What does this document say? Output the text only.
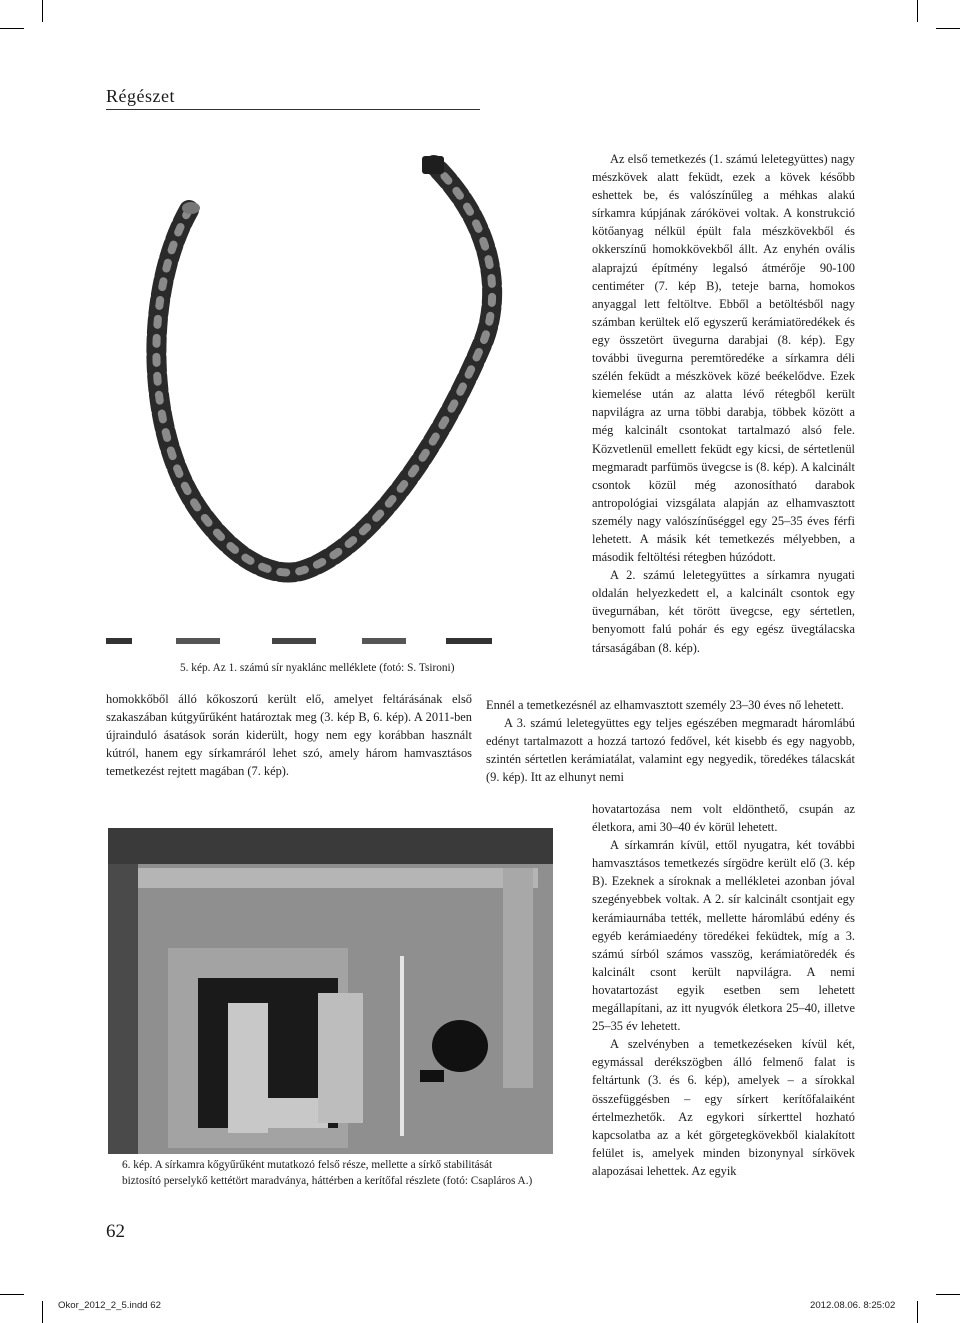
Régészet
5. kép. Az 1. számú sír nyaklánc melléklete (fotó: S. Tsironi)

homokkőből álló kőkoszorú került elő, amelyet feltárásának első szakaszában kútgyűrűként határoztak meg (3. kép B, 6. kép). A 2011-ben újrainduló ásatások során kiderült, hogy nem egy korábban használt kútról, hanem egy sírkamráról lehet szó, amely három hamvasztásos temetkezést rejtett magában (7. kép).

6. kép. A sírkamra kőgyűrűként mutatkozó felső része, mellette a sírkő stabilitását
biztosító perselykő kettétört maradványa, háttérben a kerítőfal részlete (fotó: Csapláros A.)

Az első temetkezés (1. számú leletegyüttes) nagy mészkövek alatt feküdt, ezek a kövek később eshettek be, és valószínűleg a méhkas alakú sírkamra kúpjának zárókövei voltak. A konstrukció kötőanyag nélkül épült fala mészkövekből és okkerszínű homokkövekből állt. Az enyhén ovális alaprajzú építmény legalsó átmérője 90-100 centiméter (7. kép B), teteje barna, homokos anyaggal lett feltöltve. Ebből a betöltésből nagy számban kerültek elő egyszerű kerámiatöredékek és egy összetört üvegurna darabjai (8. kép). Egy további üvegurna peremtöredéke a sírkamra déli szélén feküdt a mészkövek közé beékelődve. Ezek kiemelése után az alatta lévő rétegből került napvilágra az urna többi darabja, többek között a még kalcinált csontokat tartalmazó alsó fele. Közvetlenül emellett feküdt egy kicsi, de sértetlenül megmaradt parfümös üvegcse is (8. kép). A kalcinált csontok közül még azonosítható darabok antropológiai vizsgálata alapján az elhamvasztott személy nagy valószínűséggel egy 25–35 éves férfi lehetett. A másik két temetkezés mélyebben, a második feltöltési rétegben húzódott.

A 2. számú leletegyüttes a sírkamra nyugati oldalán helyezkedett el, a kalcinált csontok egy üvegurnában, két törött üvegcse, egy sértetlen, benyomott falú pohár és egy egész üvegtálacska társaságában (8. kép).

Ennél a temetkezésnél az elhamvasztott személy 23–30 éves nő lehetett.

A 3. számú leletegyüttes egy teljes egészében megmaradt háromlábú edényt tartalmazott a hozzá tartozó fedővel, két kisebb és egy nagyobb, szintén sértetlen kerámiatálat, valamint egy negyedik, töredékes tálacskát (9. kép). Itt az elhunyt nemi

hovatartozása nem volt eldönthető, csupán az életkora, ami 30–40 év körül lehetett.

A sírkamrán kívül, ettől nyugatra, két további hamvasztásos temetkezés sírgödre került elő (3. kép B). Ezeknek a síroknak a mellékletei azonban jóval szegényebbek voltak. A 2. sír kalcinált csontjait egy kerámiaurnába tették, mellette háromlábú edény és egyéb kerámiaedény töredékei feküdtek, míg a 3. számú sírból számos vasszög, kerámiatöredék és kalcinált csont került napvilágra. A nemi hovatartozást egyik esetben sem lehetett megállapítani, az itt nyugvók életkora 25–40, illetve 25–35 év lehetett.

A szelvényben a temetkezéseken kívül két, egymással derékszögben álló felmenő falat is feltártunk (3. és 6. kép), amelyek – a sírokkal összefüggésben – egy sírkert kerítőfalaiként értelmezhetők. Az egykori sírkerttel hozható kapcsolatba az a két görgetegkövekből kialakított felület is, amelyek minden bizonynyal sírkövek alapozásai lehettek. Az egyik

62
Okor_2012_2_5.indd 62	2012.08.06. 8:25:02
